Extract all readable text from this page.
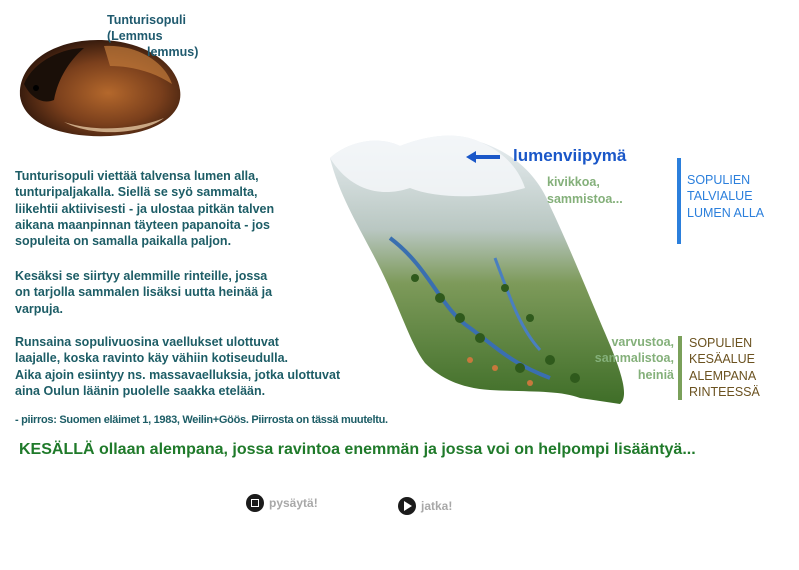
Tunturisopuli
(Lemmus
lemmus)
Tunturisopuli viettää talvensa lumen alla,
tunturipaljakalla. Siellä se syö sammalta,
liikehtii aktiivisesti - ja ulostaa pitkän talven
aikana maanpinnan täyteen papanoita - jos
sopuleita on samalla paikalla paljon.
Kesäksi se siirtyy alemmille rinteille, jossa
on tarjolla sammalen lisäksi uutta heinää ja
varpuja.
Runsaina sopulivuosina vaellukset ulottuvat
laajalle, koska ravinto käy vähiin kotiseudulla.
Aika ajoin esiintyy ns. massavaelluksia, jotka ulottuvat
aina Oulun läänin puolelle saakka etelään.
- piirros: Suomen eläimet 1, 1983, Weilin+Göös. Piirrosta on tässä muuteltu.
lumenviipymä
kivikkoa,
sammistoa...
SOPULIEN
TALVIALUE
LUMEN ALLA
varvustoa,
sammalistoa,
heiniä
SOPULIEN
KESÄALUE
ALEMPANA
RINTEESSÄ
KESÄLLÄ ollaan alempana, jossa ravintoa enemmän ja jossa voi on helpompi lisääntyä...
pysäytä!	jatka!
